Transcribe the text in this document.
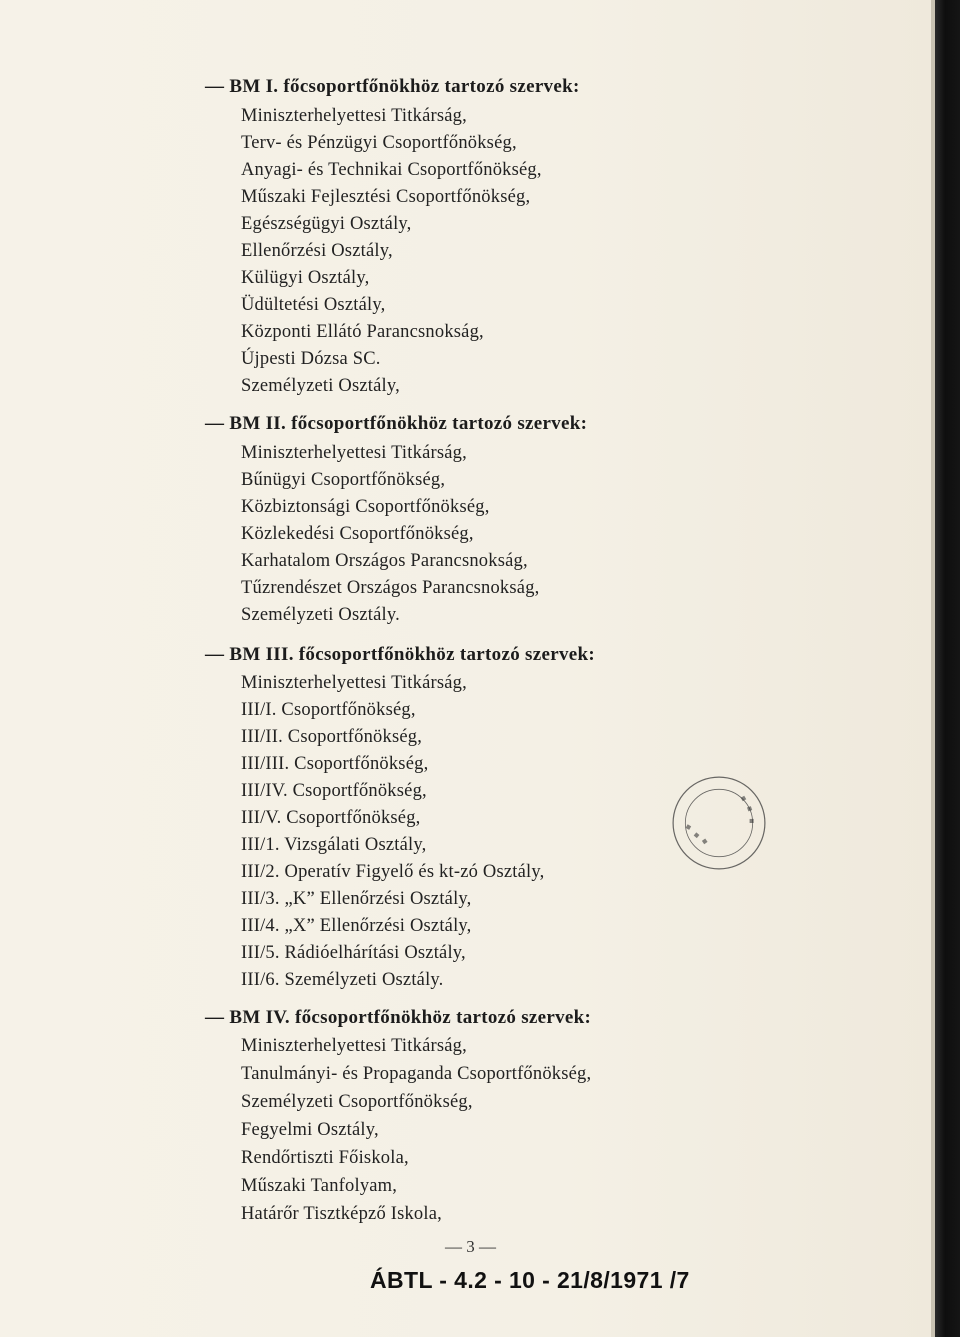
— BM I. főcsoportfőnökhöz tartozó szervek:
Miniszterhelyettesi Titkárság,
Terv- és Pénzügyi Csoportfőnökség,
Anyagi- és Technikai Csoportfőnökség,
Műszaki Fejlesztési Csoportfőnökség,
Egészségügyi Osztály,
Ellenőrzési Osztály,
Külügyi Osztály,
Üdültetési Osztály,
Központi Ellátó Parancsnokság,
Újpesti Dózsa SC.
Személyzeti Osztály,
— BM II. főcsoportfőnökhöz tartozó szervek:
Miniszterhelyettesi Titkárság,
Bűnügyi Csoportfőnökség,
Közbiztonsági Csoportfőnökség,
Közlekedési Csoportfőnökség,
Karhatalom Országos Parancsnokság,
Tűzrendészet Országos Parancsnokság,
Személyzeti Osztály.
— BM III. főcsoportfőnökhöz tartozó szervek:
Miniszterhelyettesi Titkárság,
III/I. Csoportfőnökség,
III/II. Csoportfőnökség,
III/III. Csoportfőnökség,
III/IV. Csoportfőnökség,
III/V. Csoportfőnökség,
III/1. Vizsgálati Osztály,
III/2. Operatív Figyelő és kt-zó Osztály,
III/3. „K” Ellenőrzési Osztály,
III/4. „X” Ellenőrzési Osztály,
III/5. Rádióelhárítási Osztály,
III/6. Személyzeti Osztály.
— BM IV. főcsoportfőnökhöz tartozó szervek:
Miniszterhelyettesi Titkárság,
Tanulmányi- és Propaganda Csoportfőnökség,
Személyzeti Csoportfőnökség,
Fegyelmi Osztály,
Rendőrtiszti Főiskola,
Műszaki Tanfolyam,
Határőr Tisztképző Iskola,
— 3 —
ÁBTL - 4.2 - 10 - 21/8/1971 /7
